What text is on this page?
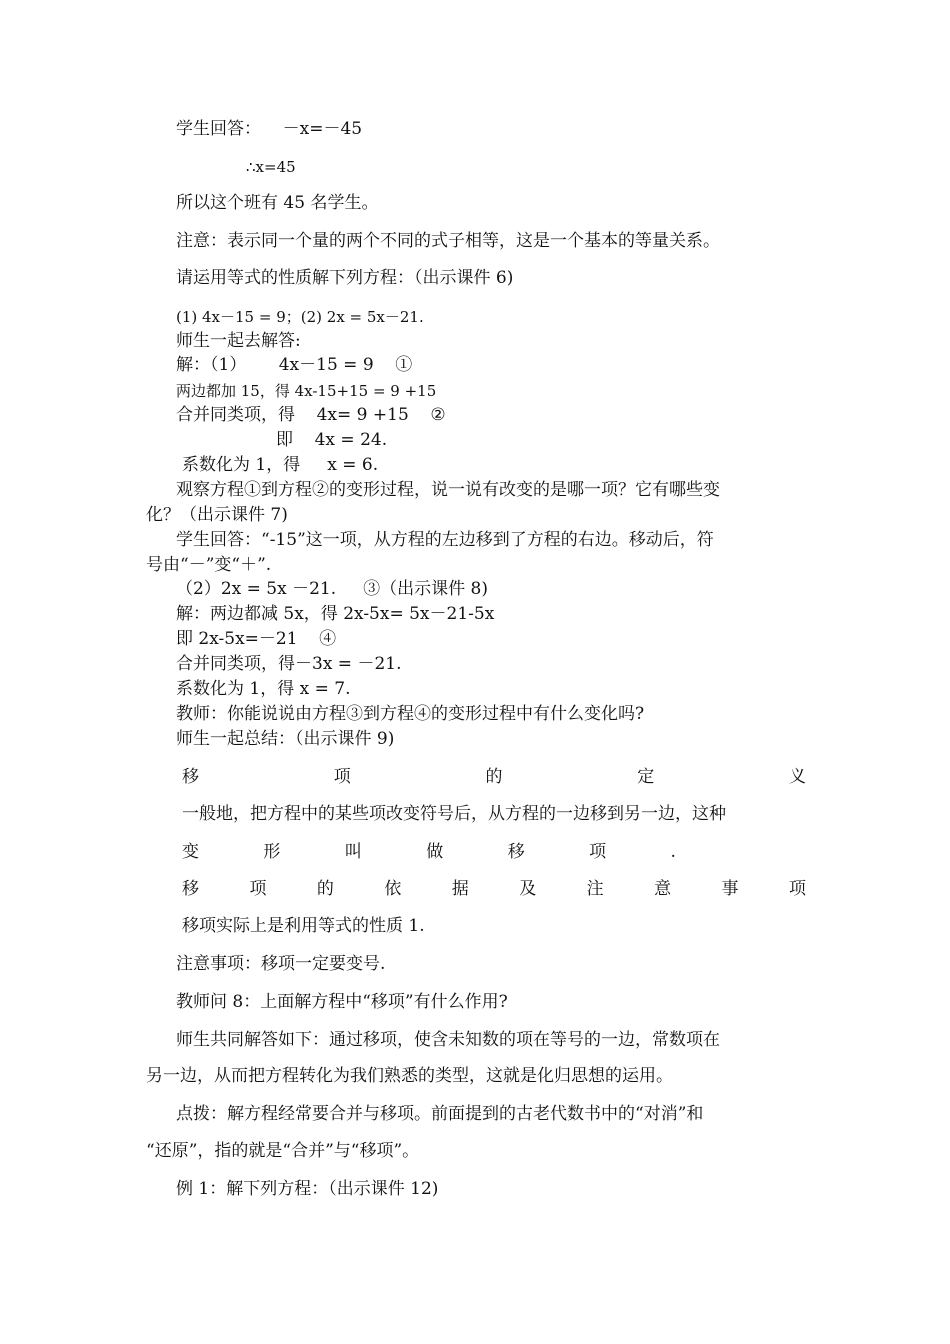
学生回答：    －x=－45
∴x=45
所以这个班有 45 名学生。
注意：表示同一个量的两个不同的式子相等，这是一个基本的等量关系。
请运用等式的性质解下列方程：（出示课件 6)
(1) 4x－15 = 9；(2) 2x = 5x－21.
师生一起去解答:
解：（1）      4x－15 = 9    ①
两边都加 15，得 4x-15+15 = 9 +15
合并同类项，得    4x= 9 +15    ②
即    4x = 24.
系数化为 1，得     x = 6.
观察方程①到方程②的变形过程，说一说有改变的是哪一项？它有哪些变
化？（出示课件 7)
学生回答：“-15”这一项，从方程的左边移到了方程的右边。移动后，符
号由“－”变“＋”.
（2）2x = 5x －21.     ③（出示课件 8)
解：两边都减 5x，得 2x-5x= 5x－21-5x
即 2x-5x=－21    ④
合并同类项，得－3x = －21.
系数化为 1，得 x = 7.
教师：你能说说由方程③到方程④的变形过程中有什么变化吗?
师生一起总结：（出示课件 9)
移	项	的	定	义
一般地，把方程中的某些项改变符号后，从方程的一边移到另一边，这种
变	形	叫	做	移	项	.
移	项	的	依	据	及	注	意	事	项
移项实际上是利用等式的性质 1.
注意事项：移项一定要变号.
教师问 8：上面解方程中“移项”有什么作用?
师生共同解答如下：通过移项，使含未知数的项在等号的一边，常数项在
另一边，从而把方程转化为我们熟悉的类型，这就是化归思想的运用。
点拨：解方程经常要合并与移项。前面提到的古老代数书中的“对消”和
“还原”，指的就是“合并”与“移项”。
例 1：解下列方程：（出示课件 12)
